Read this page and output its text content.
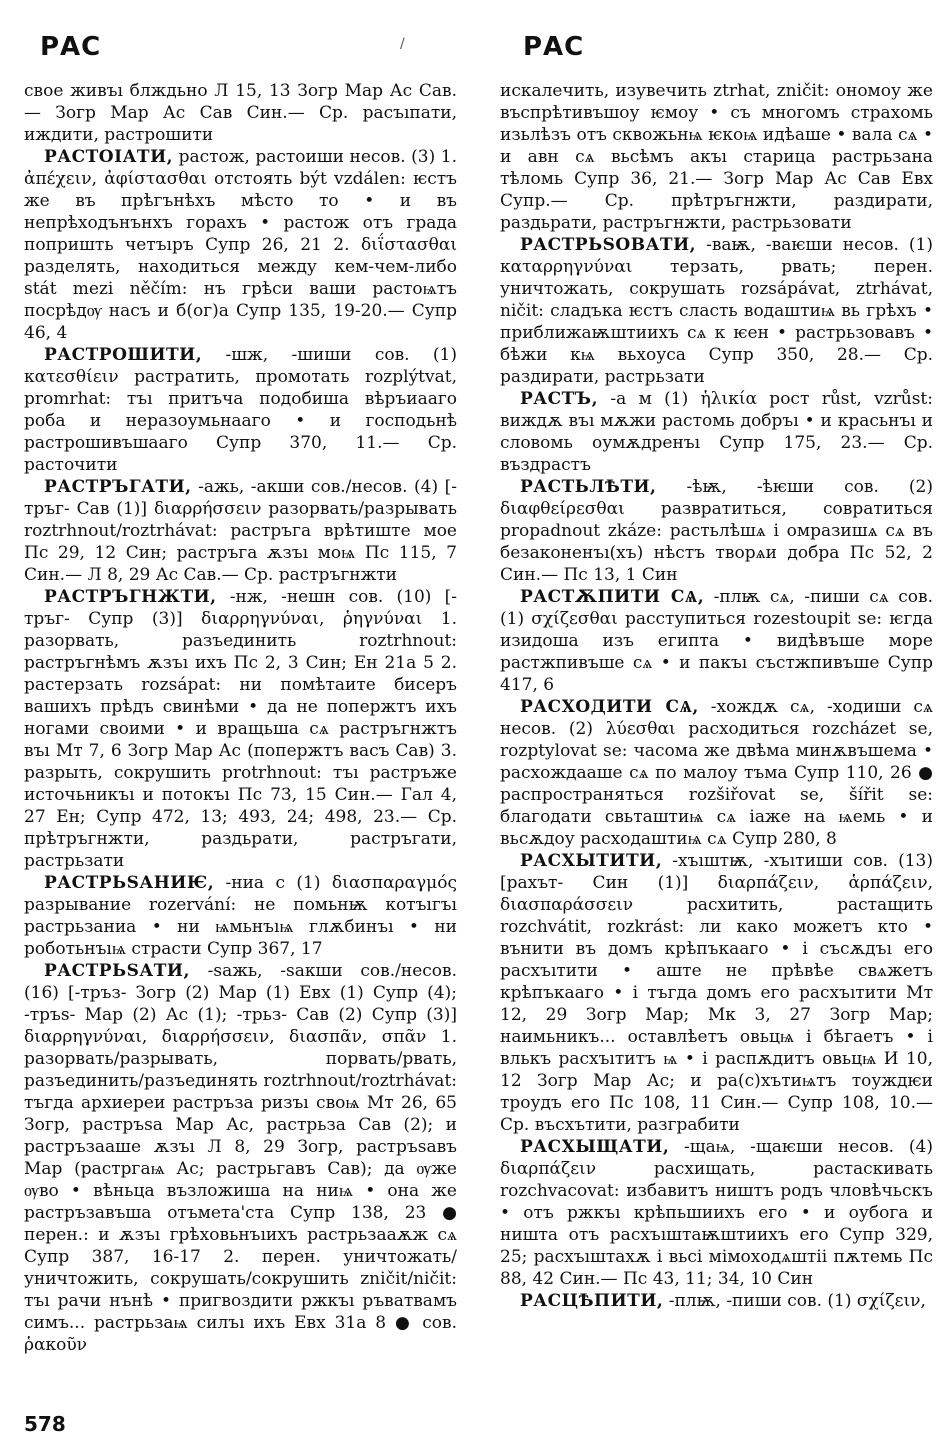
РАС	/	РАС

свое живъı блждьно Л 15, 13 Зогр Мар Ас Сав.— Зогр Мар Ас Сав Син.— Ср. расъıпати, иждити, растрошити

РАСТОІАТИ, растож, растоиши несов. (3) 1. ἀπέχειν, ἀφίστασθαι отстоять být vzdálen: ѥстъ же въ прѣгънѣхъ мѣсто то • и въ непрѣходънънхъ горахъ • растож отъ града попришть четъıръ Супр 26, 21 2. διΐστασθαι разделять, находиться между кем-чем-либо stát mezi něčím: нъ грѣси ваши растоѩтъ посрѣдѹ насъ и б(ог)а Супр 135, 19-20.— Супр 46, 4

РАСТРОШИТИ, -шж, -шиши сов. (1) κατεσθίειν растратить, промотать rozplýtvat, promrhat: тъı притъча подобиша вѣръиааго роба и неразоумьнааго • и господьнѣ растрошивъшааго Супр 370, 11.— Ср. расточити

РАСТРЪГАТИ, -ажь, -акши сов./несов. (4) [-тръг- Сав (1)] διαρρήσσειν разорвать/разрывать roztrhnout/roztrhávat: растръга врѣтиште мое Пс 29, 12 Син; растръга ѫзъı моѩ Пс 115, 7 Син.— Л 8, 29 Ас Сав.— Ср. растръгнжти

РАСТРЪГНЖТИ, -нж, -нешн сов. (10) [-тръг- Супр (3)] διαρρηγνύναι, ῥηγνύναι 1. разорвать, разъединить roztrhnout: растръгнѣмъ ѫзъı ихъ Пс 2, 3 Син; Ен 21а 5 2. растерзать rozsápat: ни помѣтаите бисеръ вашихъ прѣдъ свинѣми • да не попержтъ ихъ ногами своими • и вращьша сѧ растръгнжтъ въı Мт 7, 6 Зогр Мар Ас (попержтъ васъ Сав) 3. разрыть, сокрушить protrhnout: тъı растръже источьникъı и потокъı Пс 73, 15 Син.— Гал 4, 27 Ен; Супр 472, 13; 493, 24; 498, 23.— Ср. прѣтръгнжти, раздьрати, растръгати, растрьзати

РАСТРЬЅАНИѤ, -ниа с (1) διασπαραγμός разрывание rozervání: не помьнѭ котъıгъı растрьзаниа • ни ѩмьнъıѩ глѫбинъı • ни роботьнъıѩ страсти Супр 367, 17

РАСТРЬЅАТИ, -ѕажь, -ѕакши сов./несов. (16) [-тръз- Зогр (2) Мар (1) Евх (1) Супр (4); -тръѕ- Мар (2) Ас (1); -трьз- Сав (2) Супр (3)] διαρρηγνύναι, διαρρήσσειν, διασπᾶν, σπᾶν 1. разорвать/разрывать, порвать/рвать, разъединить/разъединять roztrhnout/roztrhávat: тъгда архиереи растръза ризъı своѩ Мт 26, 65 Зогр, растръѕа Мар Ас, растрьза Сав (2); и растръзааше ѫзъı Л 8, 29 Зогр, растръѕавъ Мар (растргаѩ Ас; растрьгавъ Сав); да ѹже ѹво • вѣньца възложиша на ниѩ • она же растръзавъша отъмета'ста Супр 138, 23 ● перен.: и ѫзъı грѣховьнъıихъ растрьзааѫж сѧ Супр 387, 16-17 2. перен. уничтожать/уничтожить, сокрушать/сокрушить zničit/ničit: тъı рачи нънѣ • пригвоздити ржкъı ръватвамъ симъ... растрьзаѩ силъı ихъ Евх 31а 8 ● сов. ῥακοῦν

искалечить, изувечить ztrhat, zničit: ономоу же въспрѣтивъшоу ѥмоу • съ многомъ страхомь изьлѣзъ отъ сквожьнѩ ѥкоѩ идѣаше • вала сѧ • и авн сѧ вьсѣмъ акъı старица растрьзана тѣломь Супр 36, 21.— Зогр Мар Ас Сав Евх Супр.— Ср. прѣтръгнжти, раздирати, раздьрати, растръгнжти, растрьзовати

РАСТРЬЅОВАТИ, -ваѭ, -ваѥши несов. (1) καταρρηγνύναι терзать, рвать; перен. уничтожать, сокрушать rozsápávat, ztrhávat, ničit: сладъка ѥстъ сласть водаштиѩ вь грѣхъ • приближаѭштиихъ сѧ к ѥен • растрьзовавъ • бѣжи кѩ вьхоуса Супр 350, 28.— Ср. раздирати, растрьзати

РАСТЪ, -а м (1) ἡλικία рост růst, vzrůst: виждѫ въı мѫжи растомь добръı • и красьнъı и словомь оумѫдренъı Супр 175, 23.— Ср. въздрастъ

РАСТЬЛѢТИ, -ѣѭ, -ѣѥши сов. (2) διαφθείρεσθαι развратиться, совратиться propadnout zkáze: растьлѣшѧ і омразишѧ сѧ въ безаконенъı(хъ) нѣстъ творѧи добра Пс 52, 2 Син.— Пс 13, 1 Син

РАСТѪПИТИ СѦ, -плѭ сѧ, -пиши сѧ сов. (1) σχίζεσθαι расступиться rozestoupit se: ѥгда изидоша изъ египта • видѣвъше море растжпивъше сѧ • и пакъı състжпивъше Супр 417, 6

РАСХОДИТИ СѦ, -хождѫ сѧ, -ходиши сѧ несов. (2) λύεσθαι расходиться rozcházet se, rozptylovat se: часома же двѣма минѫвъшема • расхождааше сѧ по малоу тъма Супр 110, 26 ● распространяться rozšiřovat se, šířit se: благодати свьташтиѩ сѧ іаже на ѩемь • и вьсѫдоу расходаштиѩ сѧ Супр 280, 8

РАСХЫТИТИ, -хъıштѭ, -хъıтиши сов. (13) [рахът- Син (1)] διαρπάζειν, ἁρπάζειν, διασπαράσσειν расхитить, растащить rozchvátit, rozkrást: ли како можетъ кто • вънити въ домъ крѣпъкааго • і съсѫдъı его расхъıтити • аште не прѣвѣе свѧжетъ крѣпъкааго • і тъгда домъ его расхъıтити Мт 12, 29 Зогр Мар; Мк 3, 27 Зогр Мар; наимьникъ... оставлѣетъ овьцѩ і бѣгаетъ • і влькъ расхъıтитъ ѩ • і распѫдитъ овьцѩ И 10, 12 Зогр Мар Ас; и ра(с)хътиѩтъ тоуждѥи троудъ его Пс 108, 11 Син.— Супр 108, 10.— Ср. въсхътити, разграбити

РАСХЫЩАТИ, -щаѩ, -щаѥши несов. (4) διαρπάζειν расхищать, растаскивать rozchvacovat: избавитъ ништъ родъ чловѣчьскъ • отъ ржкъı крѣпьшиихъ его • и оубога и ништа отъ расхъıштаѭштиихъ его Супр 329, 25; расхъıштахѫ і вьсі мімоходѧштіі пѫтемь Пс 88, 42 Син.— Пс 43, 11; 34, 10 Син

РАСЦѢПИТИ, -плѭ, -пиши сов. (1) σχίζειν,

578
